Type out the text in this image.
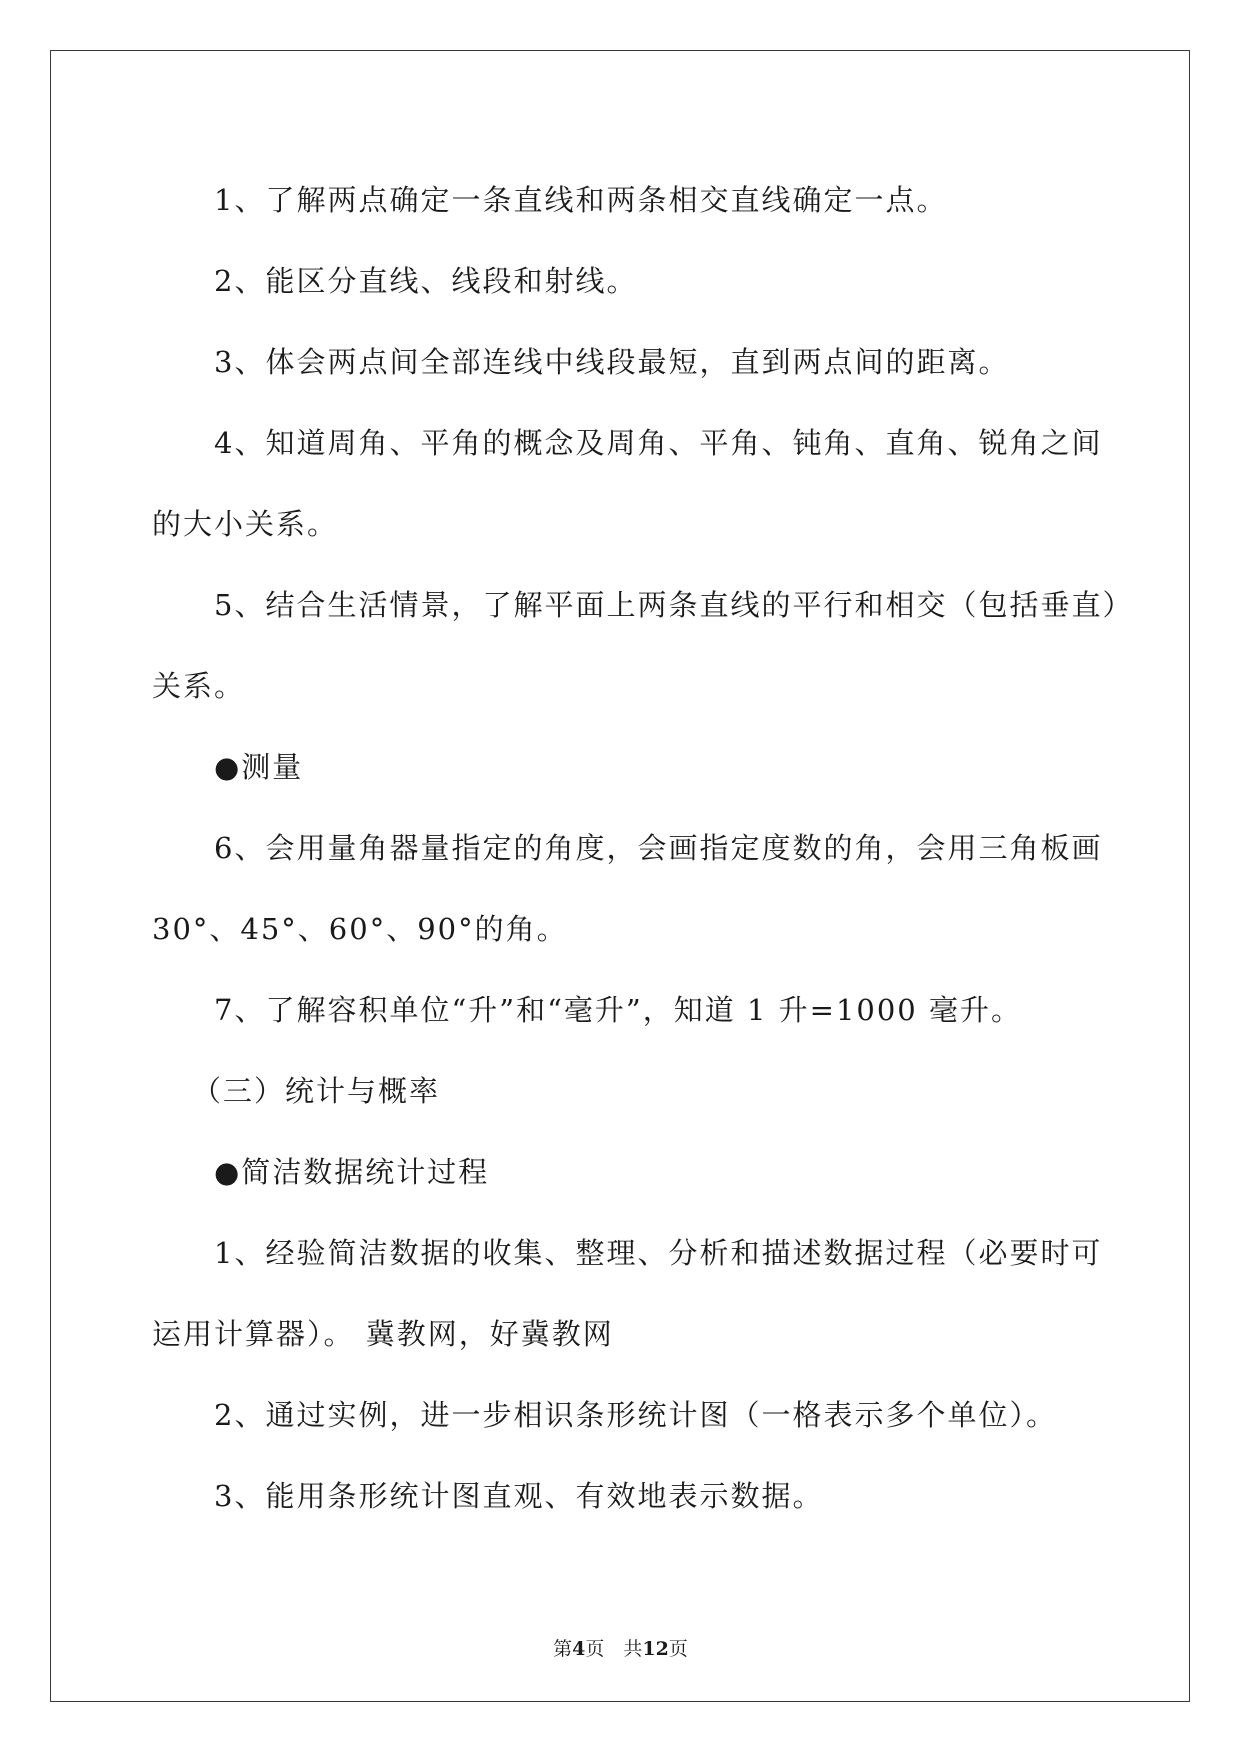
1、了解两点确定一条直线和两条相交直线确定一点。

2、能区分直线、线段和射线。

3、体会两点间全部连线中线段最短，直到两点间的距离。

4、知道周角、平角的概念及周角、平角、钝角、直角、锐角之间

的大小关系。

5、结合生活情景，了解平面上两条直线的平行和相交（包括垂直）

关系。

●测量

6、会用量角器量指定的角度，会画指定度数的角，会用三角板画

30°、45°、60°、90°的角。

7、了解容积单位“升”和“毫升”，知道 1 升=1000 毫升。

（三）统计与概率

●简洁数据统计过程

1、经验简洁数据的收集、整理、分析和描述数据过程（必要时可

运用计算器）。 冀教网，好冀教网

2、通过实例，进一步相识条形统计图（一格表示多个单位）。

3、能用条形统计图直观、有效地表示数据。

第4页　共12页
